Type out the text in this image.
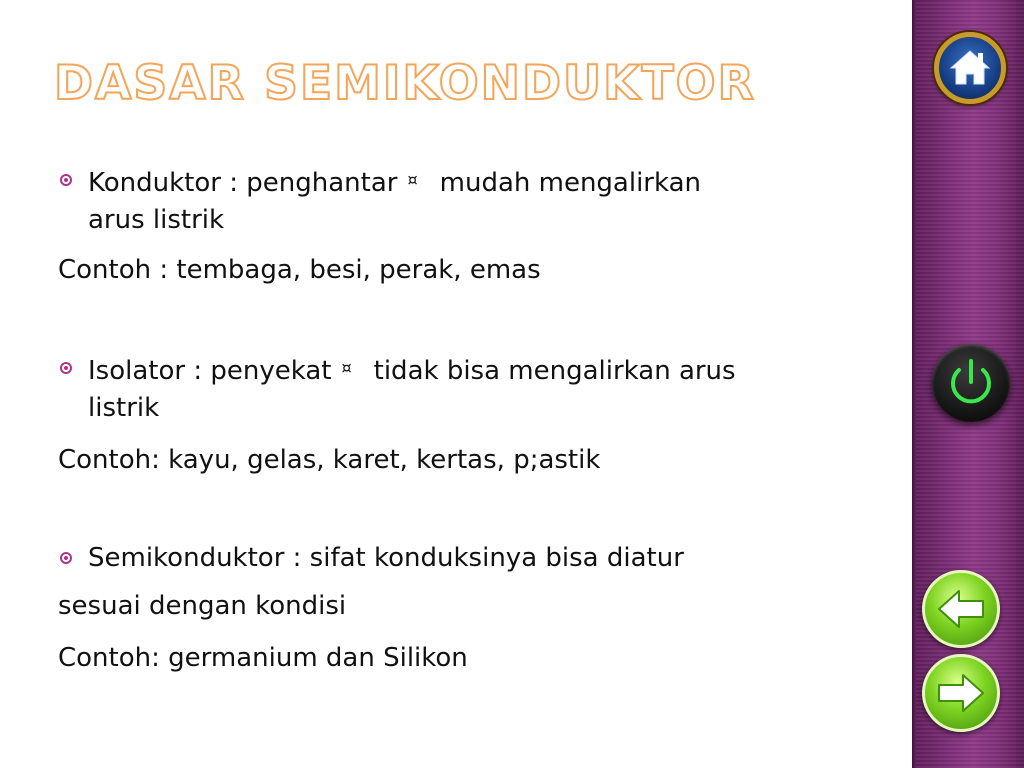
DASAR SEMIKONDUKTOR
Konduktor : penghantar ¤ mudah mengalirkan
arus listrik
Contoh : tembaga, besi, perak, emas
Isolator : penyekat ¤ tidak bisa mengalirkan arus
listrik
Contoh: kayu, gelas, karet, kertas, p;astik
Semikonduktor : sifat konduksinya bisa diatur
sesuai dengan kondisi
Contoh: germanium dan Silikon
